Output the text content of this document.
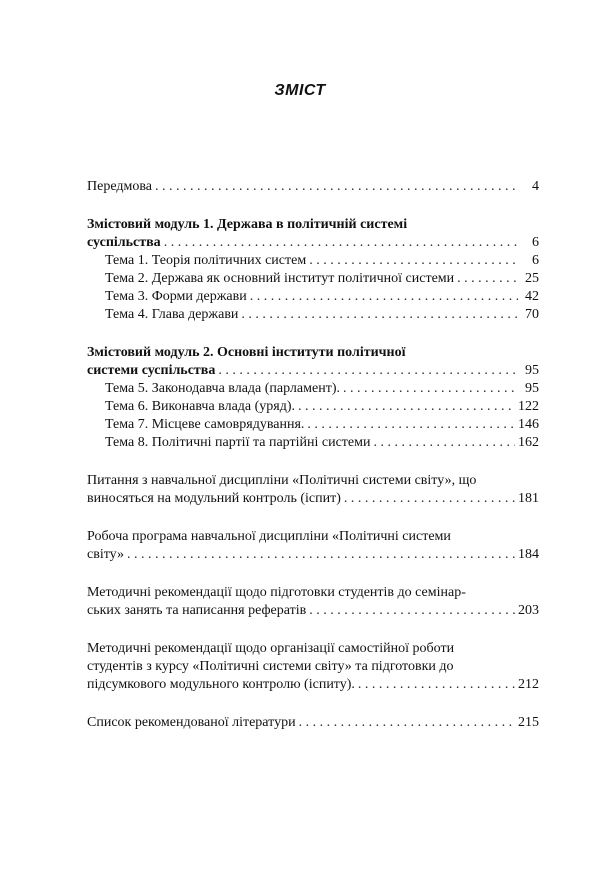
ЗМІСТ
Передмова . . .	4
Змістовий модуль 1. Держава в політичній системі
суспільства . . .	6
Тема 1. Теорія політичних систем . . .	6
Тема 2. Держава як основний інститут політичної системи . . .	25
Тема 3. Форми держави . . .	42
Тема 4. Глава держави . . .	70
Змістовий модуль 2. Основні інститути політичної
системи суспільства . . .	95
Тема 5. Законодавча влада (парламент). . . .	95
Тема 6. Виконавча влада (уряд). . . .	122
Тема 7. Місцеве самоврядування. . . .	146
Тема 8. Політичні партії та партійні системи . . .	162
Питання з навчальної дисципліни «Політичні системи світу», що
виносяться на модульний контроль (іспит) . . .	181
Робоча програма навчальної дисципліни «Політичні системи
світу» . . .	184
Методичні рекомендації щодо підготовки студентів до семінар-
ських занять та написання рефератів . . .	203
Методичні рекомендації щодо організації самостійної роботи
студентів з курсу «Політичні системи світу» та підготовки до
підсумкового модульного контролю (іспиту). . . .	212
Список рекомендованої літератури . . .	215
